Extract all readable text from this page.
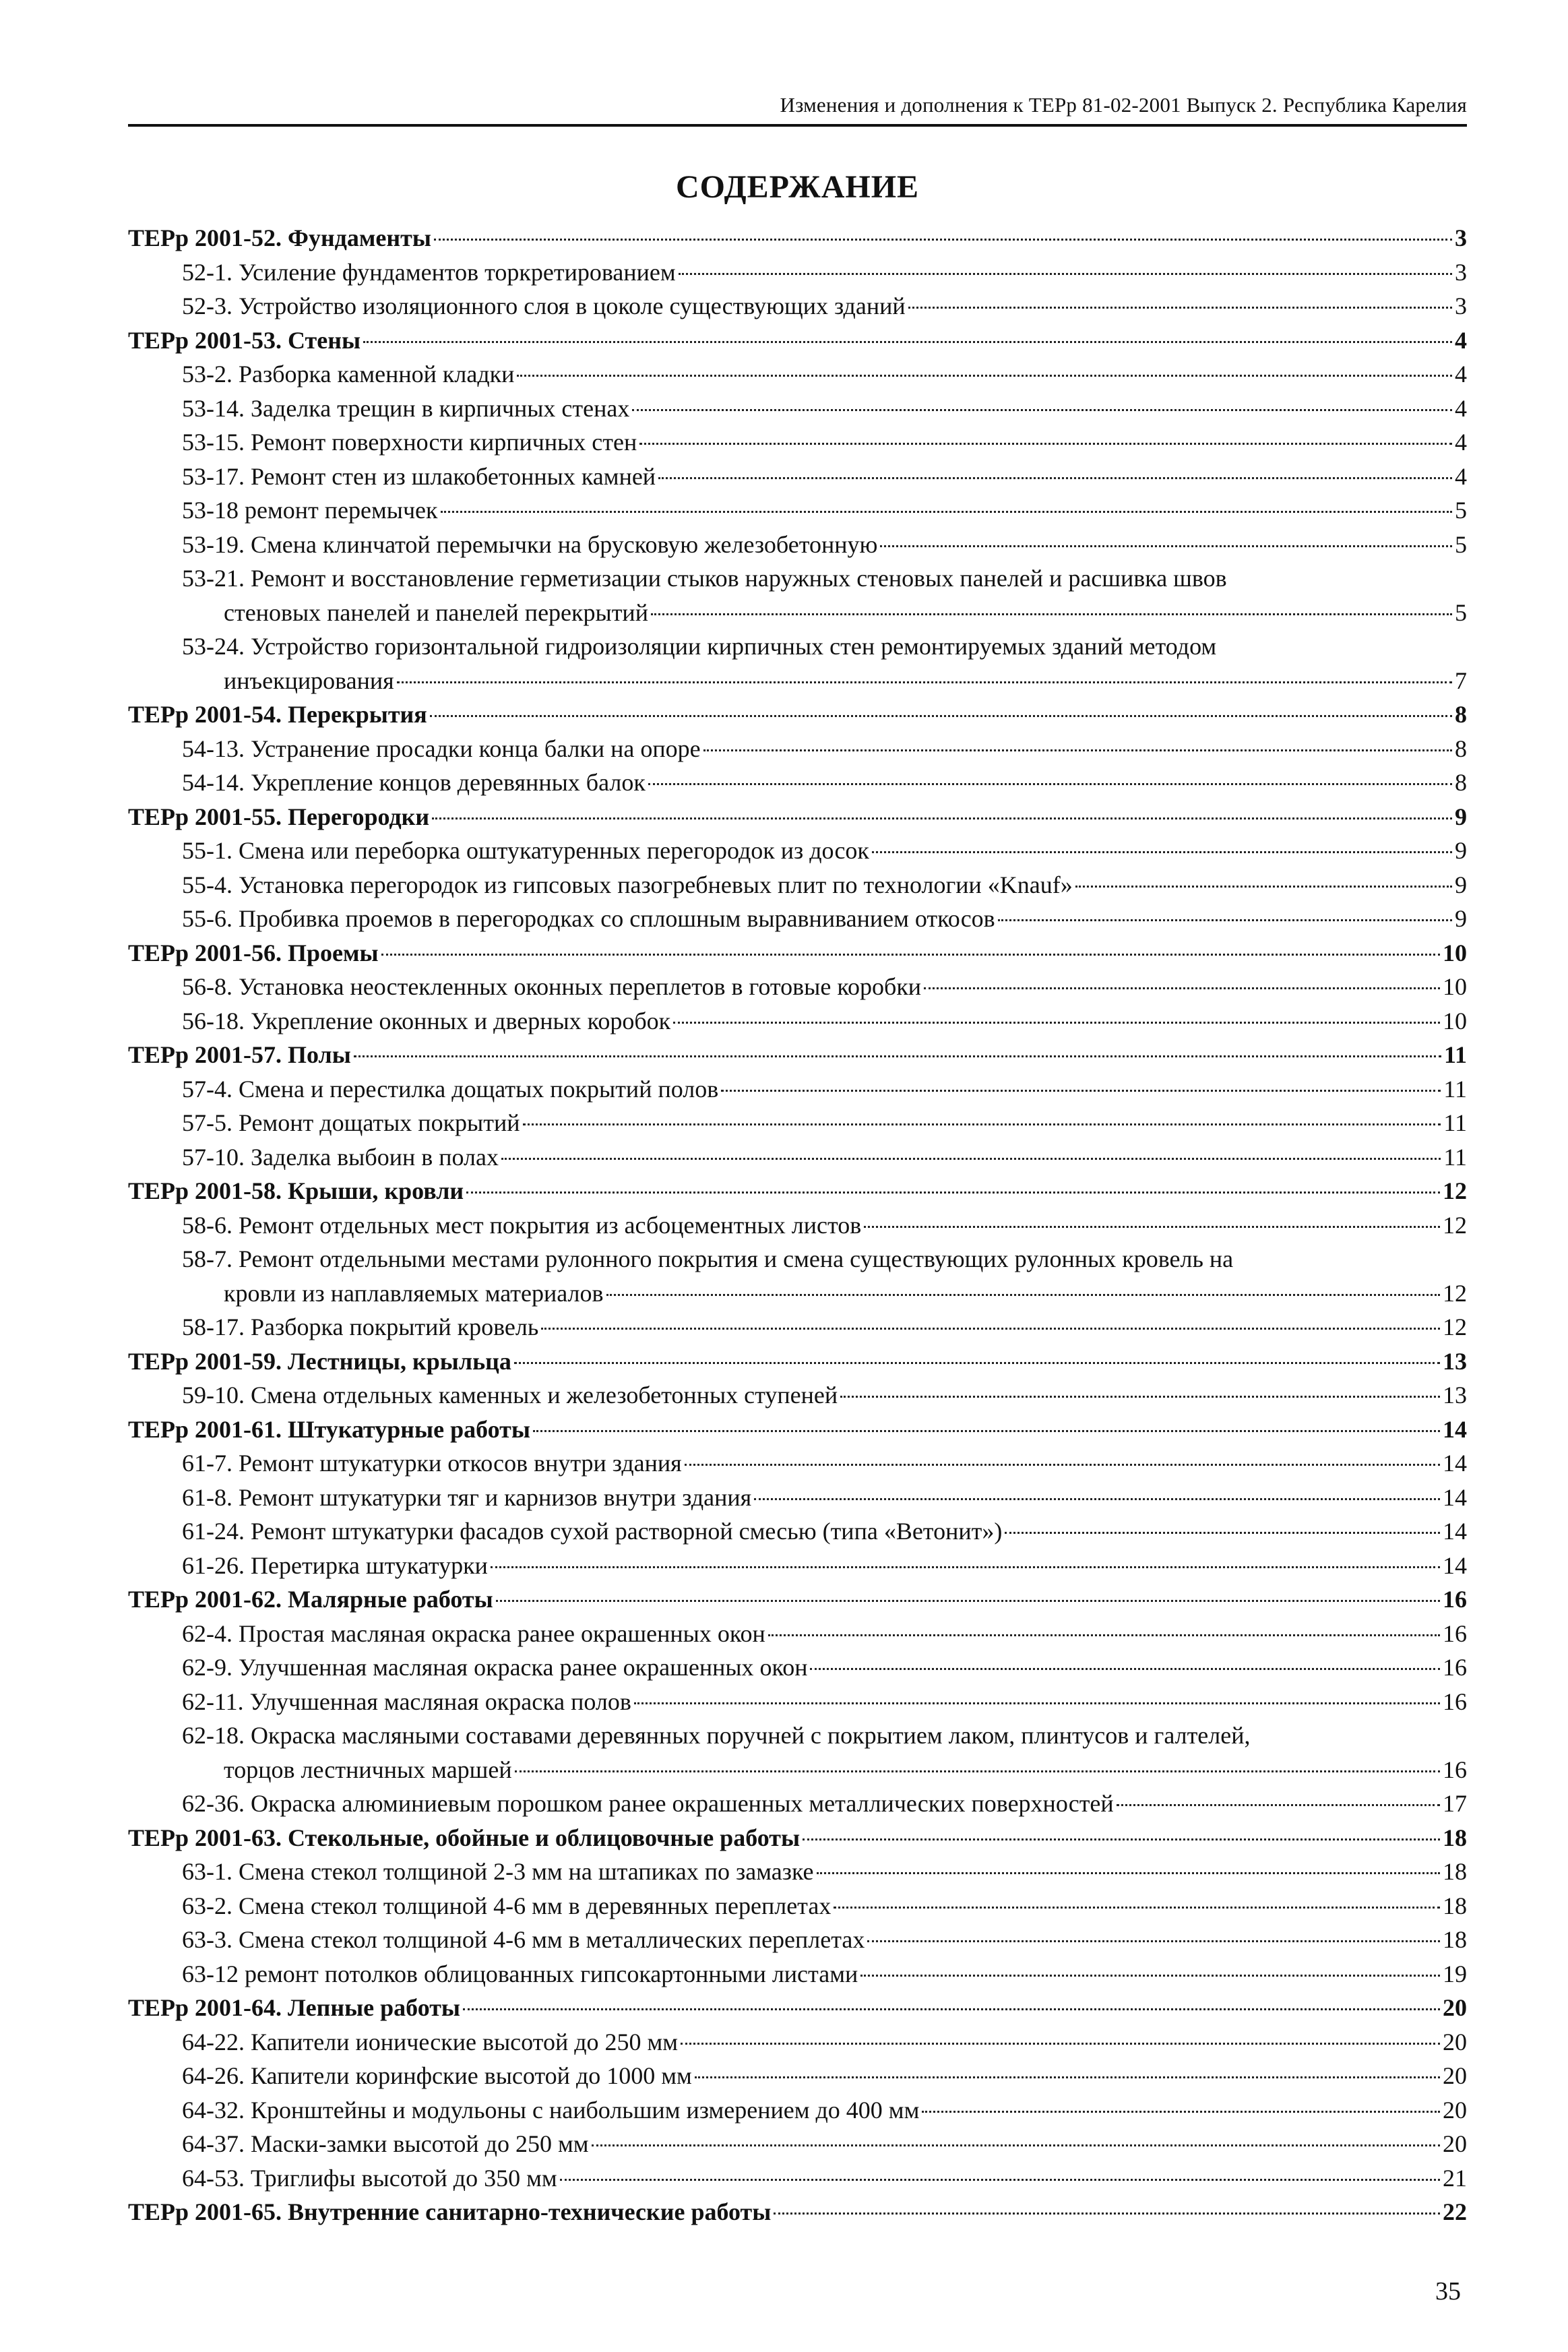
Изменения и дополнения к ТЕРр 81-02-2001 Выпуск 2. Республика Карелия
СОДЕРЖАНИЕ
ТЕРр 2001-52. Фундаменты	3
52-1. Усиление фундаментов торкретированием	3
52-3. Устройство изоляционного слоя в цоколе существующих зданий	3
ТЕРр 2001-53. Стены	4
53-2. Разборка каменной кладки	4
53-14. Заделка трещин в кирпичных стенах	4
53-15. Ремонт поверхности кирпичных стен	4
53-17. Ремонт стен из шлакобетонных камней	4
53-18 ремонт перемычек	5
53-19. Смена клинчатой перемычки на брусковую железобетонную	5
53-21. Ремонт и восстановление герметизации стыков наружных стеновых панелей и расшивка швов
стеновых панелей и панелей перекрытий	5
53-24. Устройство горизонтальной гидроизоляции кирпичных стен ремонтируемых зданий методом
инъекцирования	7
ТЕРр 2001-54. Перекрытия	8
54-13. Устранение просадки конца балки на опоре	8
54-14. Укрепление концов деревянных балок	8
ТЕРр 2001-55. Перегородки	9
55-1. Смена или переборка оштукатуренных перегородок из досок	9
55-4. Установка перегородок из гипсовых пазогребневых плит по технологии «Knauf»	9
55-6. Пробивка проемов в перегородках со сплошным выравниванием откосов	9
ТЕРр 2001-56. Проемы	10
56-8. Установка неостекленных оконных переплетов в готовые коробки	10
56-18. Укрепление оконных и дверных коробок	10
ТЕРр 2001-57. Полы	11
57-4. Смена и перестилка дощатых покрытий полов	11
57-5. Ремонт дощатых покрытий	11
57-10. Заделка выбоин в полах	11
ТЕРр 2001-58. Крыши, кровли	12
58-6. Ремонт отдельных мест покрытия из асбоцементных листов	12
58-7. Ремонт отдельными местами рулонного покрытия и смена существующих рулонных кровель на
кровли из наплавляемых материалов	12
58-17. Разборка покрытий кровель	12
ТЕРр 2001-59. Лестницы, крыльца	13
59-10. Смена отдельных каменных и железобетонных ступеней	13
ТЕРр 2001-61. Штукатурные работы	14
61-7. Ремонт штукатурки откосов внутри здания	14
61-8. Ремонт штукатурки тяг и карнизов внутри здания	14
61-24. Ремонт штукатурки фасадов сухой растворной смесью (типа «Ветонит»)	14
61-26. Перетирка штукатурки	14
ТЕРр 2001-62. Малярные работы	16
62-4. Простая масляная окраска ранее окрашенных окон	16
62-9. Улучшенная масляная окраска ранее окрашенных окон	16
62-11. Улучшенная масляная окраска полов	16
62-18. Окраска масляными составами деревянных поручней с покрытием лаком, плинтусов и галтелей,
торцов лестничных маршей	16
62-36. Окраска алюминиевым порошком ранее окрашенных металлических поверхностей	17
ТЕРр 2001-63. Стекольные, обойные и облицовочные работы	18
63-1. Смена стекол толщиной 2-3 мм на штапиках по замазке	18
63-2. Смена стекол толщиной 4-6 мм в деревянных переплетах	18
63-3. Смена стекол толщиной 4-6 мм в металлических переплетах	18
63-12 ремонт потолков облицованных гипсокартонными листами	19
ТЕРр 2001-64. Лепные работы	20
64-22. Капители ионические высотой до 250 мм	20
64-26. Капители коринфские высотой до 1000 мм	20
64-32. Кронштейны и модульоны с наибольшим измерением до 400 мм	20
64-37. Маски-замки высотой до 250 мм	20
64-53. Триглифы высотой до 350 мм	21
ТЕРр 2001-65. Внутренние санитарно-технические работы	22
35
